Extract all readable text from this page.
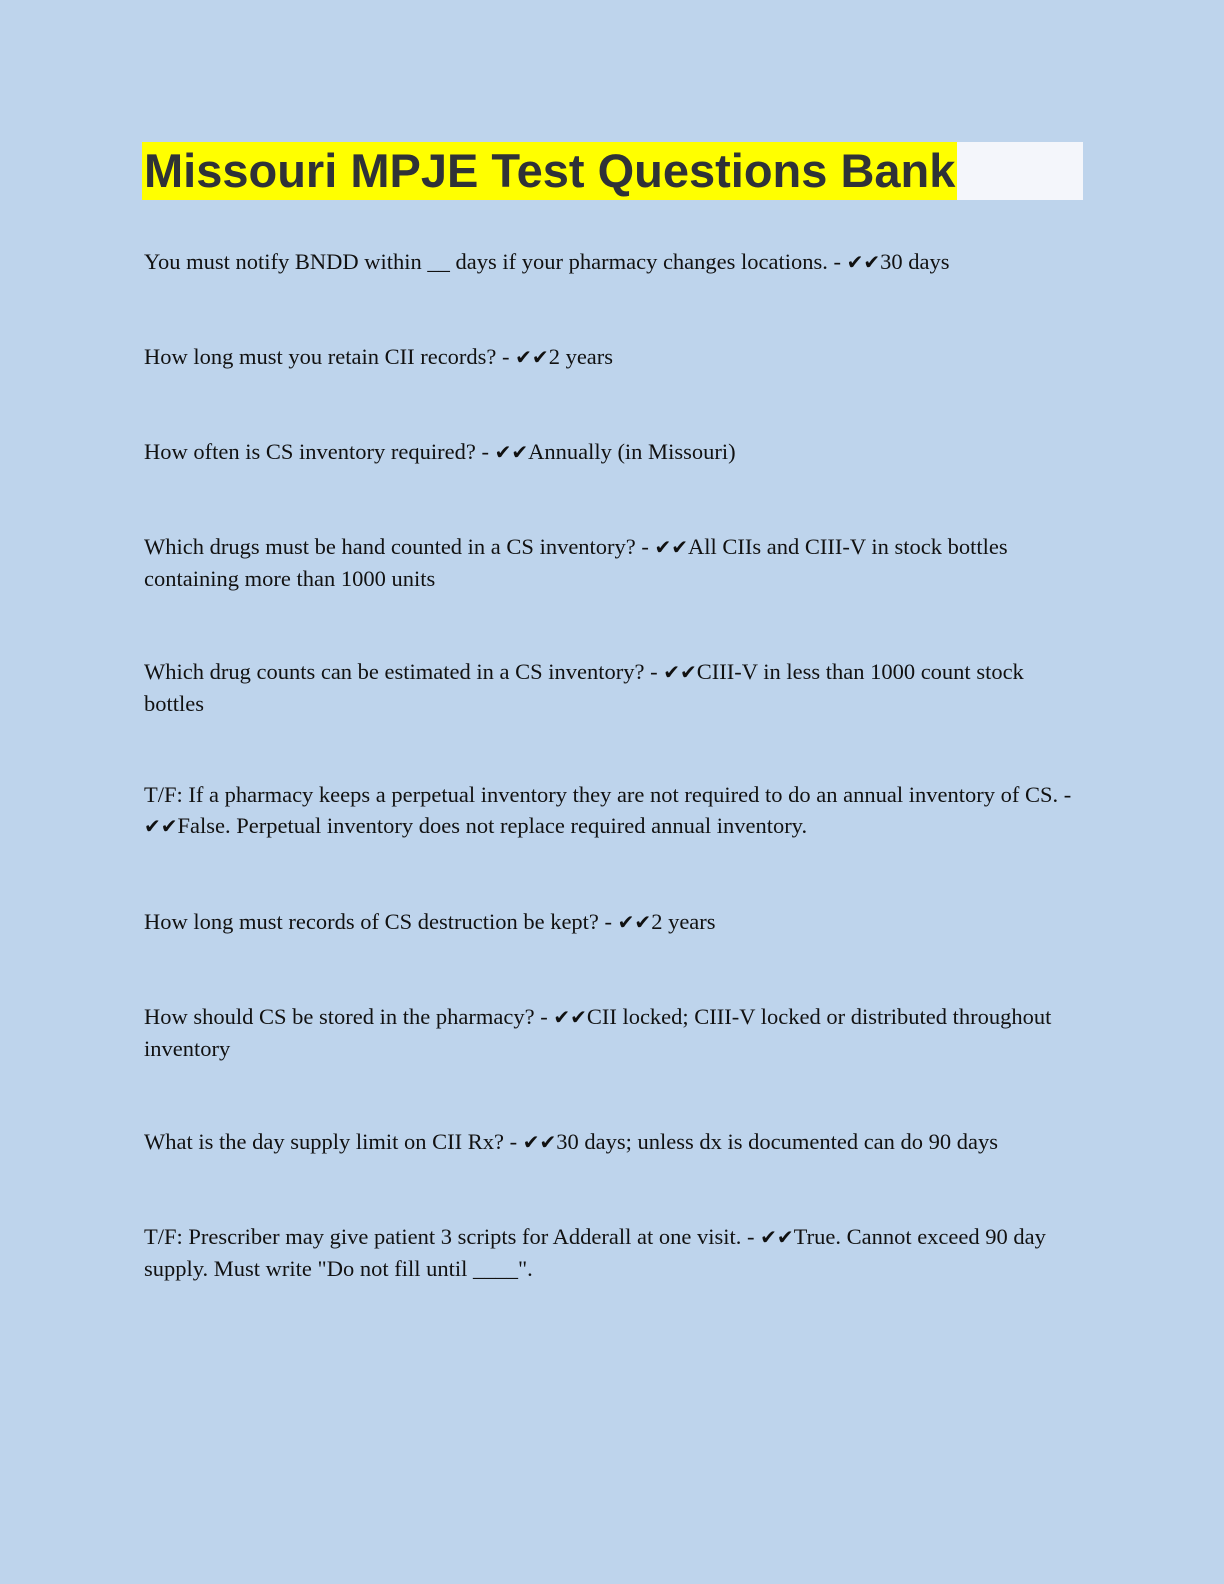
Missouri MPJE Test Questions Bank

You must notify BNDD within __ days if your pharmacy changes locations. - ✔✔30 days

How long must you retain CII records? - ✔✔2 years

How often is CS inventory required? - ✔✔Annually (in Missouri)

Which drugs must be hand counted in a CS inventory? - ✔✔All CIIs and CIII-V in stock bottles containing more than 1000 units

Which drug counts can be estimated in a CS inventory? - ✔✔CIII-V in less than 1000 count stock bottles

T/F: If a pharmacy keeps a perpetual inventory they are not required to do an annual inventory of CS. - ✔✔False. Perpetual inventory does not replace required annual inventory.

How long must records of CS destruction be kept? - ✔✔2 years

How should CS be stored in the pharmacy? - ✔✔CII locked; CIII-V locked or distributed throughout inventory

What is the day supply limit on CII Rx? - ✔✔30 days; unless dx is documented can do 90 days

T/F: Prescriber may give patient 3 scripts for Adderall at one visit. - ✔✔True. Cannot exceed 90 day supply. Must write "Do not fill until ____".
